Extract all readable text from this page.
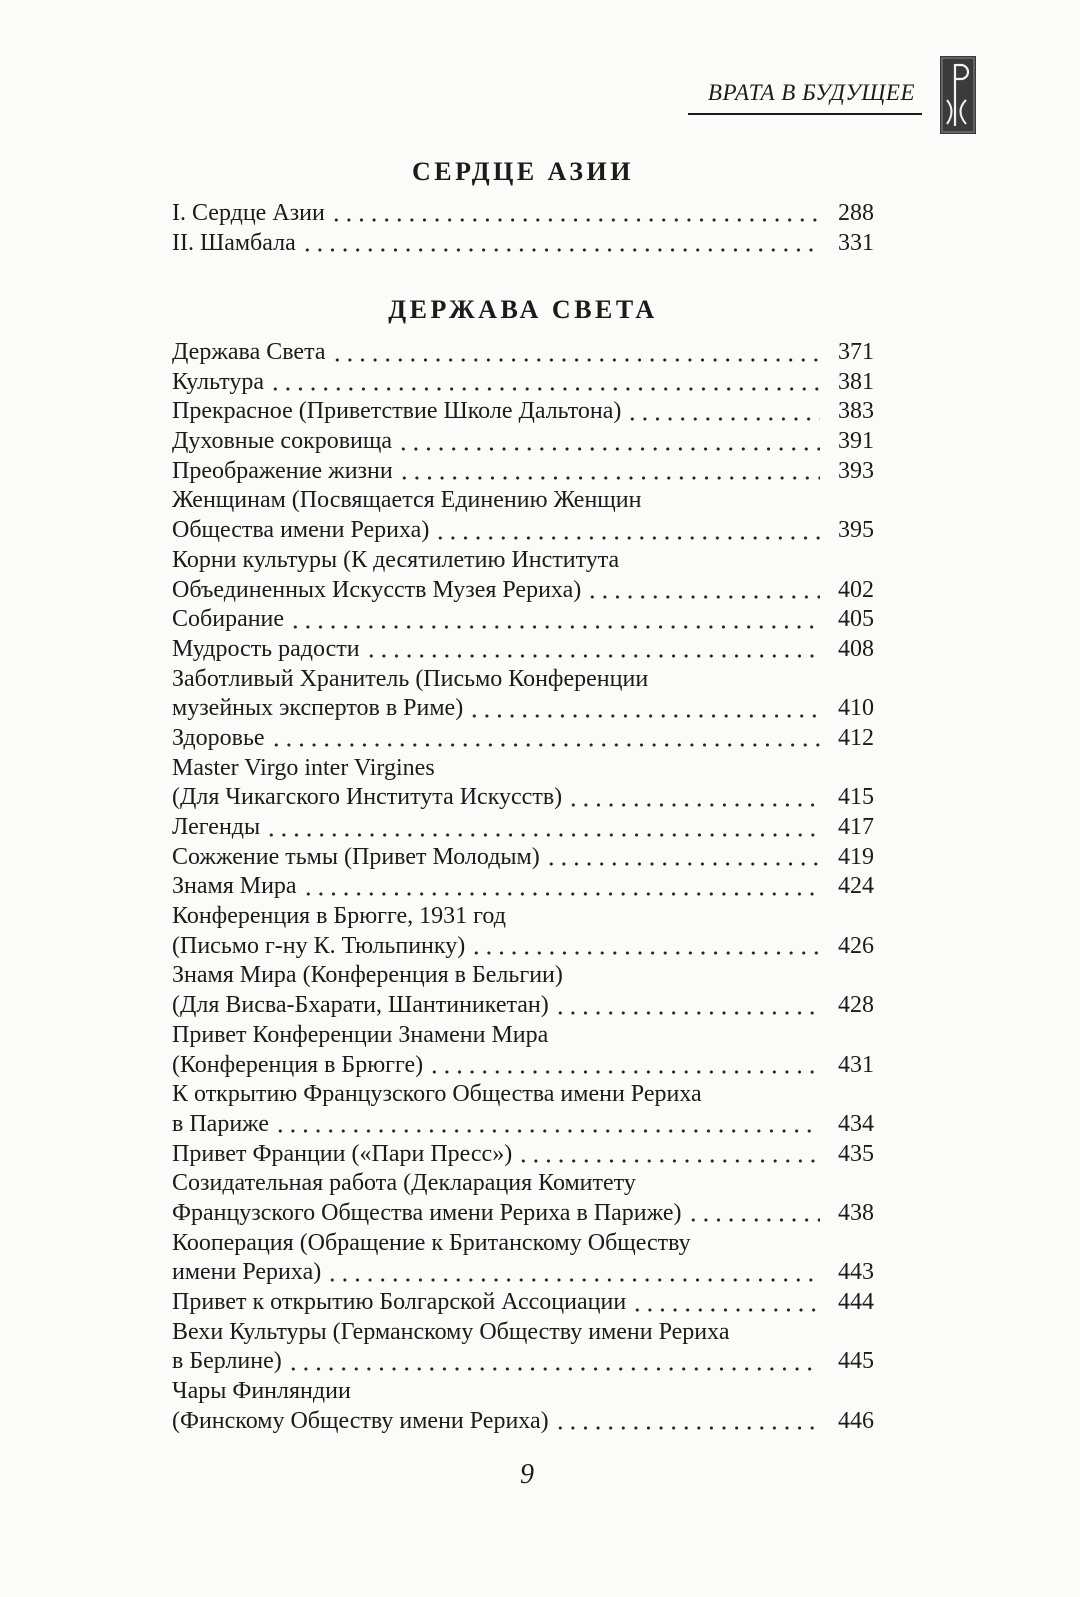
ВРАТА В БУДУЩЕЕ
СЕРДЦЕ АЗИИ
I. Сердце Азии	288
II. Шамбала	331
ДЕРЖАВА СВЕТА
Держава Света	371
Культура	381
Прекрасное (Приветствие Школе Дальтона)	383
Духовные сокровища	391
Преображение жизни	393
Женщинам (Посвящается Единению Женщин
Общества имени Рериха)	395
Корни культуры (К десятилетию Института
Объединенных Искусств Музея Рериха)	402
Собирание	405
Мудрость радости	408
Заботливый Хранитель (Письмо Конференции
музейных экспертов в Риме)	410
Здоровье	412
Master Virgo inter Virgines
(Для Чикагского Института Искусств)	415
Легенды	417
Сожжение тьмы (Привет Молодым)	419
Знамя Мира	424
Конференция в Брюгге, 1931 год
(Письмо г-ну К. Тюльпинку)	426
Знамя Мира (Конференция в Бельгии)
(Для Висва-Бхарати, Шантиникетан)	428
Привет Конференции Знамени Мира
(Конференция в Брюгге)	431
К открытию Французского Общества имени Рериха
в Париже	434
Привет Франции («Пари Пресс»)	435
Созидательная работа (Декларация Комитету
Французского Общества имени Рериха в Париже)	438
Кооперация (Обращение к Британскому Обществу
имени Рериха)	443
Привет к открытию Болгарской Ассоциации	444
Вехи Культуры (Германскому Обществу имени Рериха
в Берлине)	445
Чары Финляндии
(Финскому Обществу имени Рериха)	446
9
